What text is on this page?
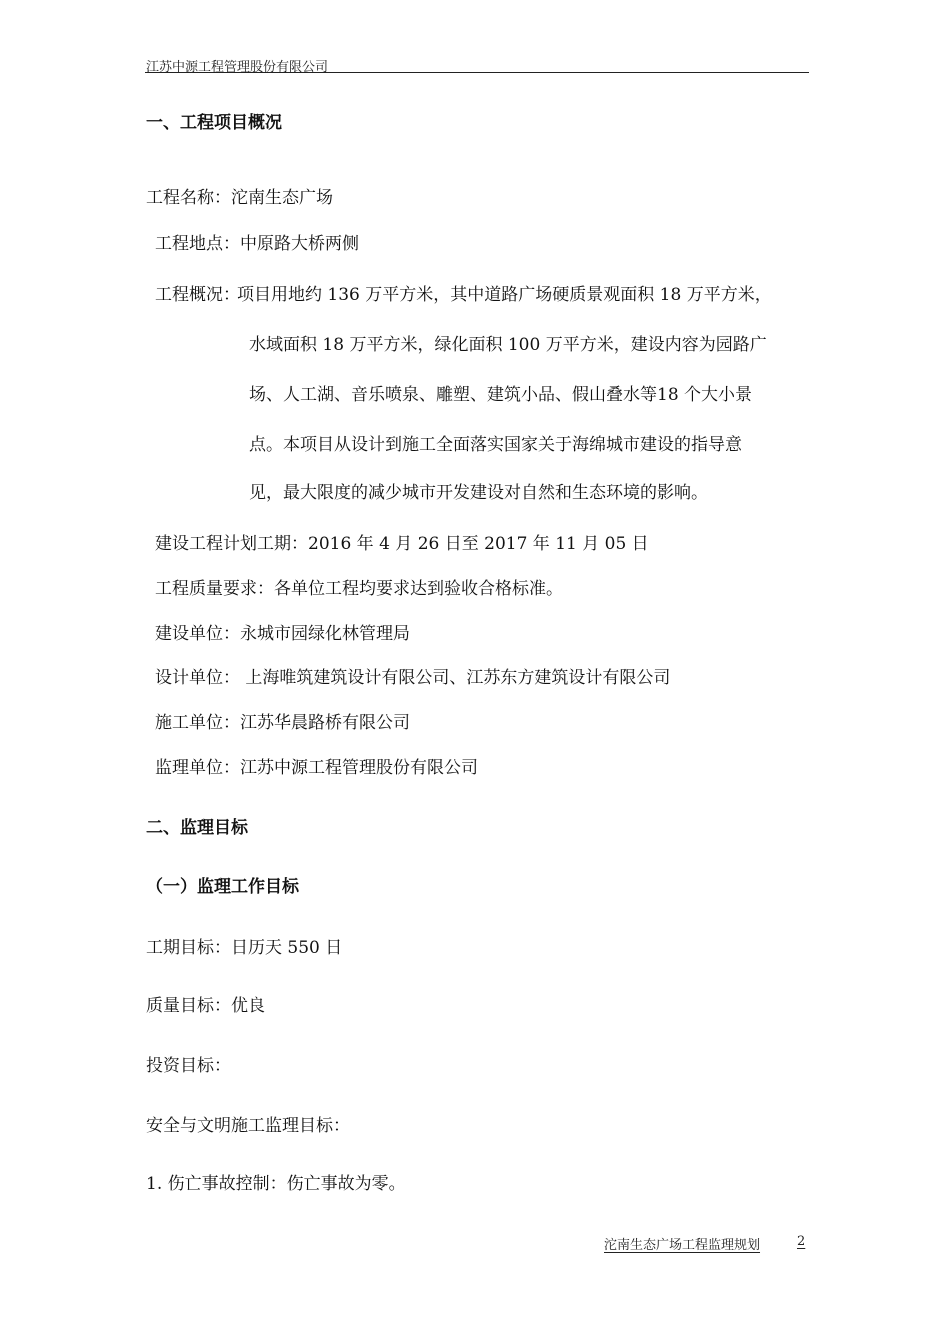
江苏中源工程管理股份有限公司
一、工程项目概况
工程名称：沱南生态广场
工程地点：中原路大桥两侧
工程概况：
项目用地约 136 万平方米，其中道路广场硬质景观面积 18 万平方米，
水域面积 18 万平方米，绿化面积 100 万平方米，建设内容为园路广
场、人工湖、音乐喷泉、雕塑、建筑小品、假山叠水等18 个大小景
点。本项目从设计到施工全面落实国家关于海绵城市建设的指导意
见，最大限度的减少城市开发建设对自然和生态环境的影响。
建设工程计划工期：2016 年 4 月 26 日至 2017 年 11 月 05 日
工程质量要求：各单位工程均要求达到验收合格标准。
建设单位：永城市园绿化林管理局
设计单位： 上海唯筑建筑设计有限公司、江苏东方建筑设计有限公司
施工单位：江苏华晨路桥有限公司
监理单位：江苏中源工程管理股份有限公司
二、监理目标
（一）监理工作目标
工期目标：日历天 550 日
质量目标：优良
投资目标：
安全与文明施工监理目标：
1. 伤亡事故控制：伤亡事故为零。
沱南生态广场工程监理规划	2
